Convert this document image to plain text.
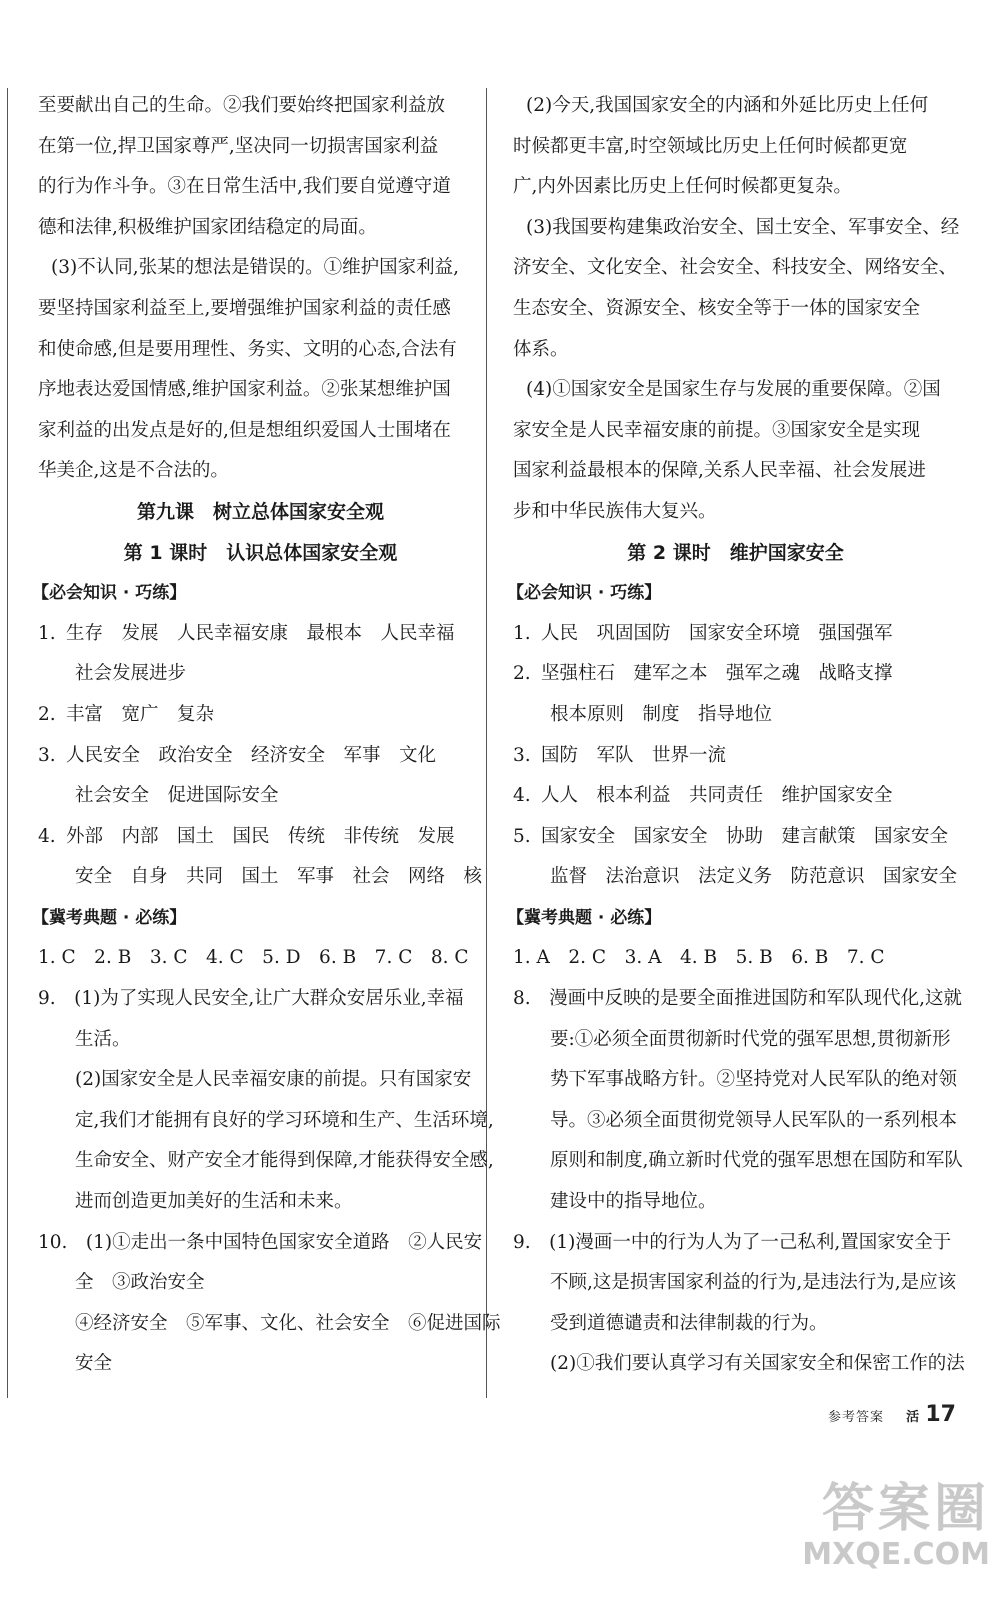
至要献出自己的生命。②我们要始终把国家利益放
在第一位,捍卫国家尊严,坚决同一切损害国家利益
的行为作斗争。③在日常生活中,我们要自觉遵守道
德和法律,积极维护国家团结稳定的局面。
(3)不认同,张某的想法是错误的。①维护国家利益,
要坚持国家利益至上,要增强维护国家利益的责任感
和使命感,但是要用理性、务实、文明的心态,合法有
序地表达爱国情感,维护国家利益。②张某想维护国
家利益的出发点是好的,但是想组织爱国人士围堵在
华美企,这是不合法的。
第九课　树立总体国家安全观
第 1 课时　认识总体国家安全观
【必会知识 · 巧练】
1. 生存　发展　人民幸福安康　最根本　人民幸福
社会发展进步
2. 丰富　宽广　复杂
3. 人民安全　政治安全　经济安全　军事　文化
社会安全　促进国际安全
4. 外部　内部　国土　国民　传统　非传统　发展
安全　自身　共同　国土　军事　社会　网络　核
【冀考典题 · 必练】
1. C　2. B　3. C　4. C　5. D　6. B　7. C　8. C
9.　(1)为了实现人民安全,让广大群众安居乐业,幸福
生活。
(2)国家安全是人民幸福安康的前提。只有国家安
定,我们才能拥有良好的学习环境和生产、生活环境,
生命安全、财产安全才能得到保障,才能获得安全感,
进而创造更加美好的生活和未来。
10.　(1)①走出一条中国特色国家安全道路　②人民安
全　③政治安全
④经济安全　⑤军事、文化、社会安全　⑥促进国际
安全
(2)今天,我国国家安全的内涵和外延比历史上任何
时候都更丰富,时空领域比历史上任何时候都更宽
广,内外因素比历史上任何时候都更复杂。
(3)我国要构建集政治安全、国土安全、军事安全、经
济安全、文化安全、社会安全、科技安全、网络安全、
生态安全、资源安全、核安全等于一体的国家安全
体系。
(4)①国家安全是国家生存与发展的重要保障。②国
家安全是人民幸福安康的前提。③国家安全是实现
国家利益最根本的保障,关系人民幸福、社会发展进
步和中华民族伟大复兴。
第 2 课时　维护国家安全
【必会知识 · 巧练】
1. 人民　巩固国防　国家安全环境　强国强军
2. 坚强柱石　建军之本　强军之魂　战略支撑
根本原则　制度　指导地位
3. 国防　军队　世界一流
4. 人人　根本利益　共同责任　维护国家安全
5. 国家安全　国家安全　协助　建言献策　国家安全
监督　法治意识　法定义务　防范意识　国家安全
【冀考典题 · 必练】
1. A　2. C　3. A　4. B　5. B　6. B　7. C
8.　漫画中反映的是要全面推进国防和军队现代化,这就
要:①必须全面贯彻新时代党的强军思想,贯彻新形
势下军事战略方针。②坚持党对人民军队的绝对领
导。③必须全面贯彻党领导人民军队的一系列根本
原则和制度,确立新时代党的强军思想在国防和军队
建设中的指导地位。
9.　(1)漫画一中的行为人为了一己私利,置国家安全于
不顾,这是损害国家利益的行为,是违法行为,是应该
受到道德谴责和法律制裁的行为。
(2)①我们要认真学习有关国家安全和保密工作的法
参考答案 活 17
答案圈
MXQE.COM
